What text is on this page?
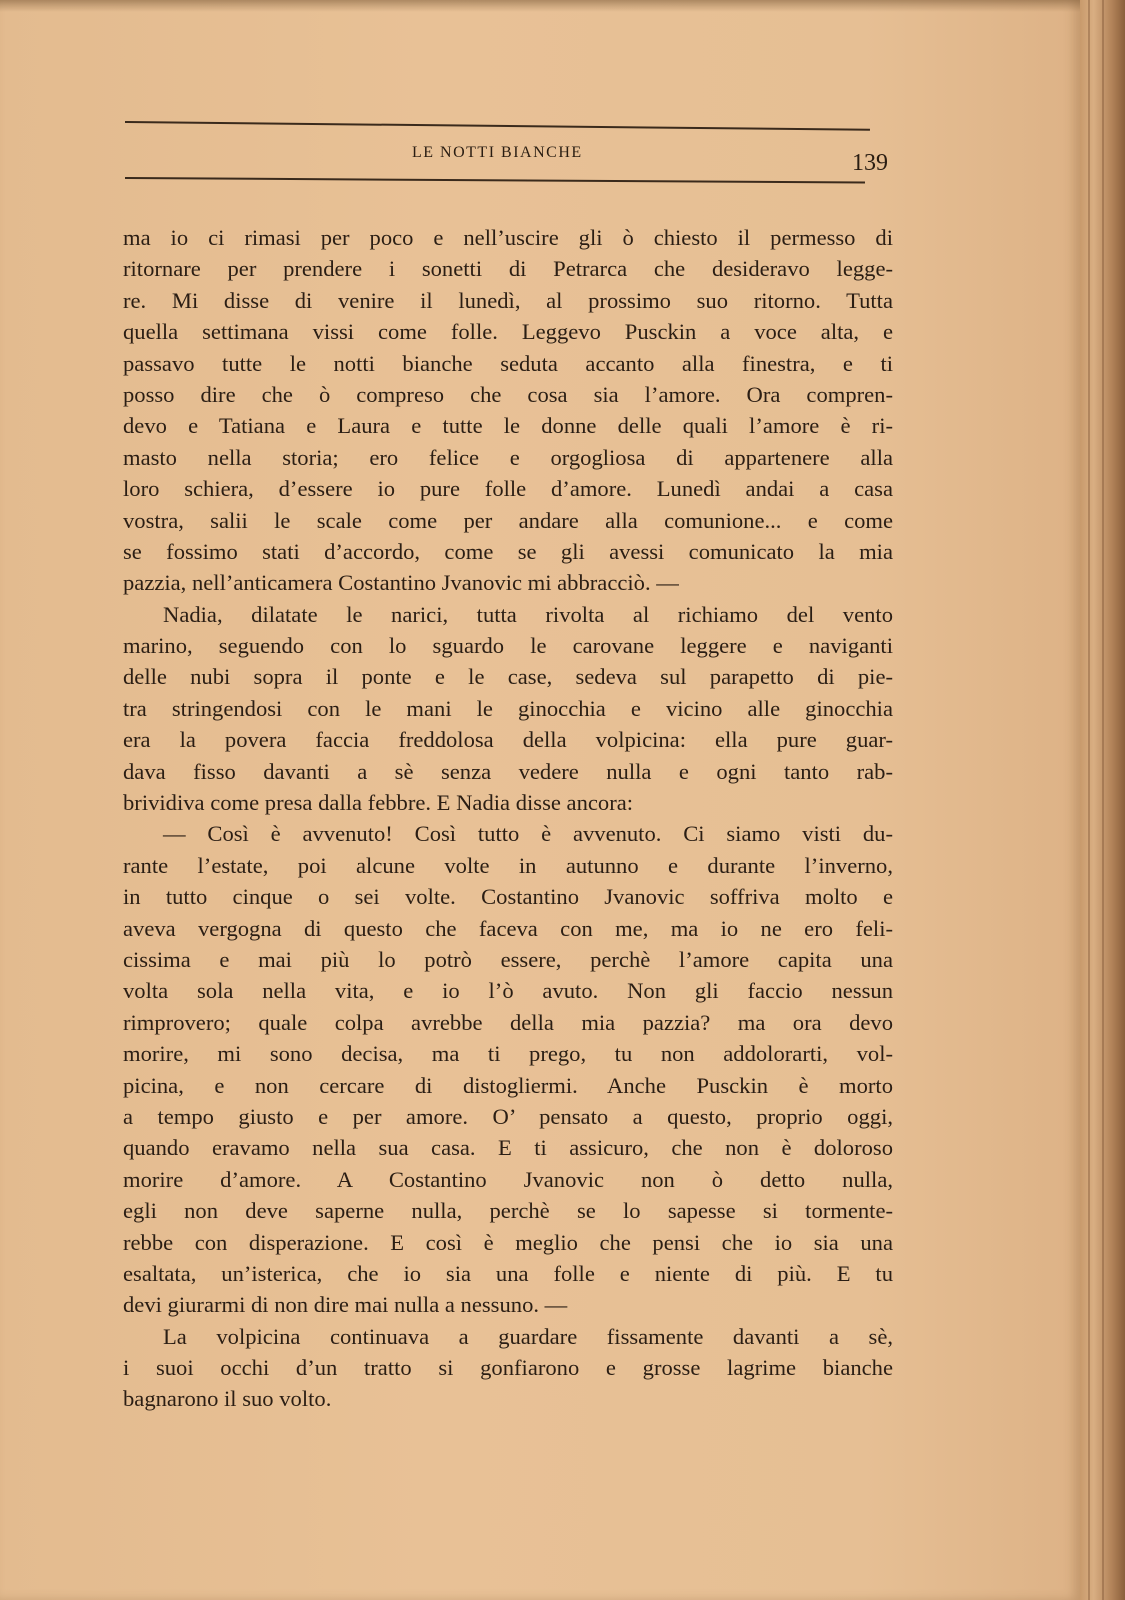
LE NOTTI BIANCHE	139
ma io ci rimasi per poco e nell’uscire gli ò chiesto il permesso di
ritornare per prendere i sonetti di Petrarca che desideravo legge-
re. Mi disse di venire il lunedì, al prossimo suo ritorno. Tutta
quella settimana vissi come folle. Leggevo Pusckin a voce alta, e
passavo tutte le notti bianche seduta accanto alla finestra, e ti
posso dire che ò compreso che cosa sia l’amore. Ora compren-
devo e Tatiana e Laura e tutte le donne delle quali l’amore è ri-
masto nella storia; ero felice e orgogliosa di appartenere alla
loro schiera, d’essere io pure folle d’amore. Lunedì andai a casa
vostra, salii le scale come per andare alla comunione... e come
se fossimo stati d’accordo, come se gli avessi comunicato la mia
pazzia, nell’anticamera Costantino Jvanovic mi abbracciò. —
Nadia, dilatate le narici, tutta rivolta al richiamo del vento
marino, seguendo con lo sguardo le carovane leggere e naviganti
delle nubi sopra il ponte e le case, sedeva sul parapetto di pie-
tra stringendosi con le mani le ginocchia e vicino alle ginocchia
era la povera faccia freddolosa della volpicina: ella pure guar-
dava fisso davanti a sè senza vedere nulla e ogni tanto rab-
brividiva come presa dalla febbre. E Nadia disse ancora:
— Così è avvenuto! Così tutto è avvenuto. Ci siamo visti du-
rante l’estate, poi alcune volte in autunno e durante l’inverno,
in tutto cinque o sei volte. Costantino Jvanovic soffriva molto e
aveva vergogna di questo che faceva con me, ma io ne ero feli-
cissima e mai più lo potrò essere, perchè l’amore capita una
volta sola nella vita, e io l’ò avuto. Non gli faccio nessun
rimprovero; quale colpa avrebbe della mia pazzia? ma ora devo
morire, mi sono decisa, ma ti prego, tu non addolorarti, vol-
picina, e non cercare di distogliermi. Anche Pusckin è morto
a tempo giusto e per amore. O’ pensato a questo, proprio oggi,
quando eravamo nella sua casa. E ti assicuro, che non è doloroso
morire d’amore. A Costantino Jvanovic non ò detto nulla,
egli non deve saperne nulla, perchè se lo sapesse si tormente-
rebbe con disperazione. E così è meglio che pensi che io sia una
esaltata, un’isterica, che io sia una folle e niente di più. E tu
devi giurarmi di non dire mai nulla a nessuno. —
La volpicina continuava a guardare fissamente davanti a sè,
i suoi occhi d’un tratto si gonfiarono e grosse lagrime bianche
bagnarono il suo volto.
